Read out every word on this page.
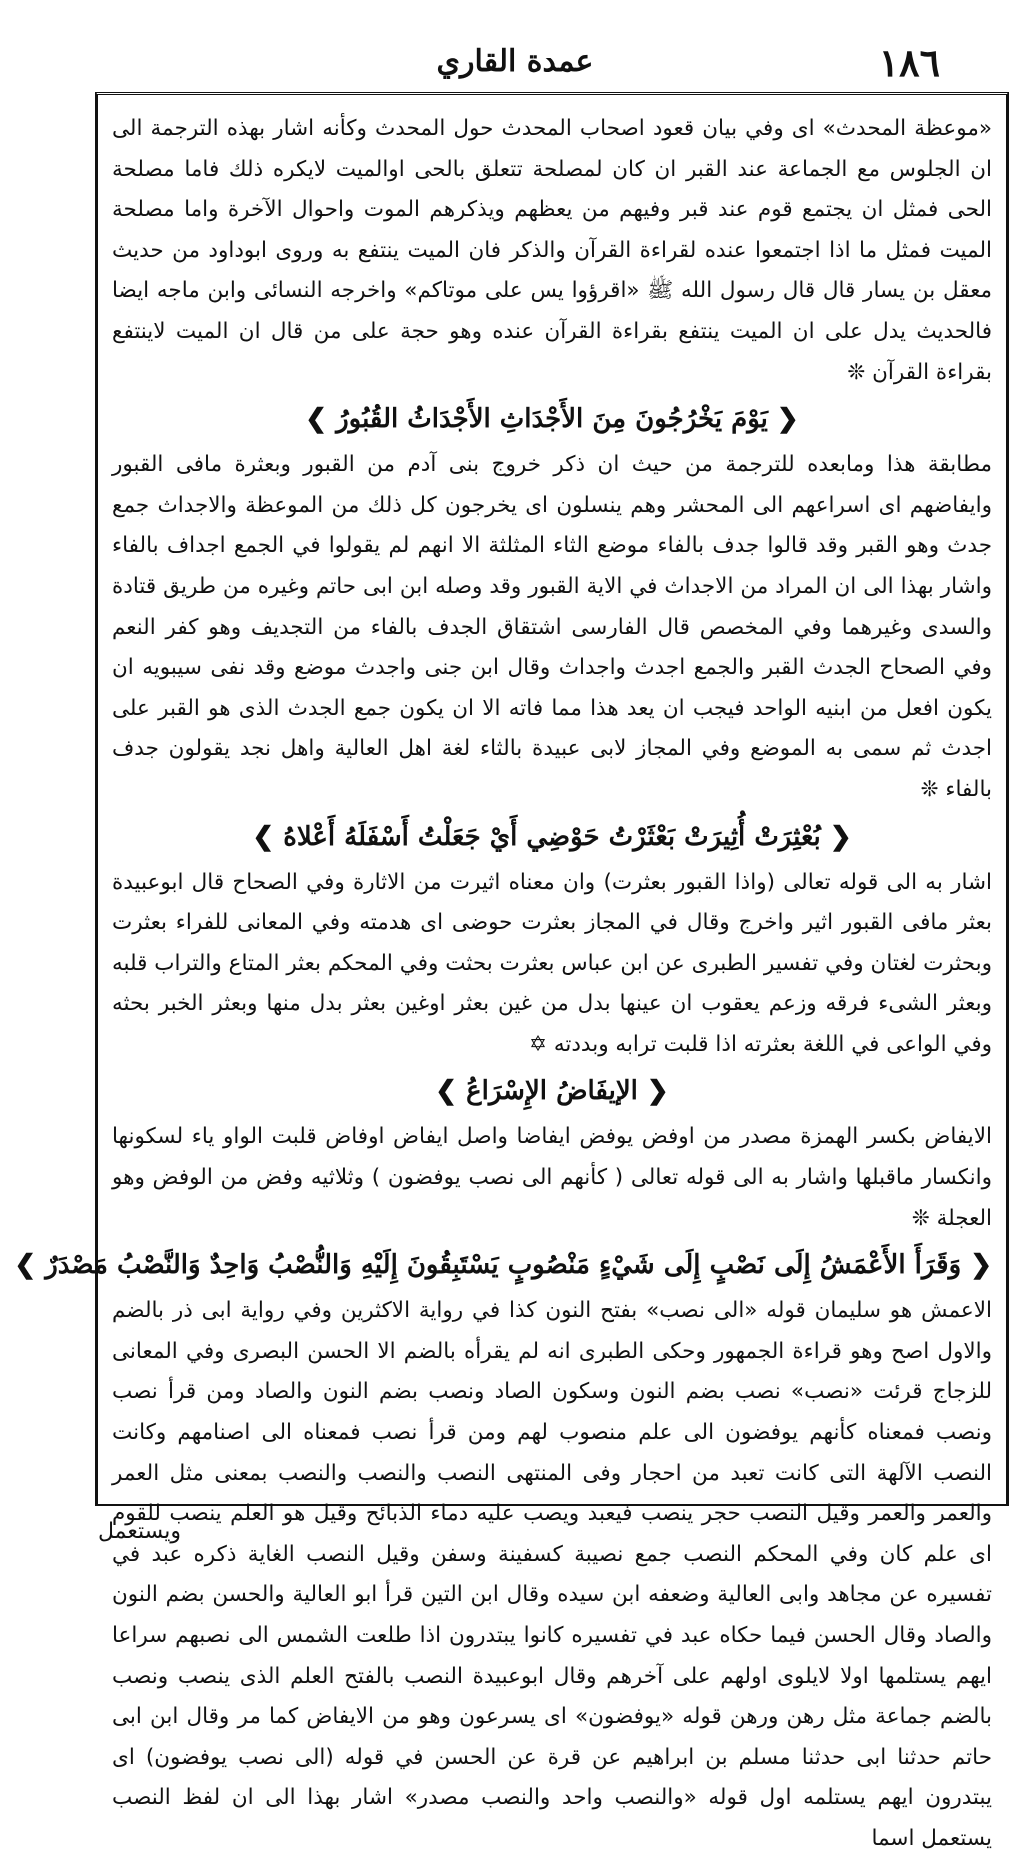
عمدة القاري	١٨٦

«موعظة المحدث» اى وفي بيان قعود اصحاب المحدث حول المحدث وكأنه اشار بهذه الترجمة الى ان الجلوس مع الجماعة عند القبر ان كان لمصلحة تتعلق بالحى اوالميت لايكره ذلك فاما مصلحة الحى فمثل ان يجتمع قوم عند قبر وفيهم من يعظهم ويذكرهم الموت واحوال الآخرة واما مصلحة الميت فمثل ما اذا اجتمعوا عنده لقراءة القرآن والذكر فان الميت ينتفع به وروى ابوداود من حديث معقل بن يسار قال قال رسول الله ﷺ «اقرؤوا يس على موتاكم» واخرجه النسائى وابن ماجه ايضا فالحديث يدل على ان الميت ينتفع بقراءة القرآن عنده وهو حجة على من قال ان الميت لاينتفع بقراءة القرآن ❊

❮ يَوْمَ يَخْرُجُونَ مِنَ الأَجْدَاثِ الأَجْدَاثُ القُبُورُ ❯

مطابقة هذا ومابعده للترجمة من حيث ان ذكر خروج بنى آدم من القبور وبعثرة مافى القبور وايفاضهم اى اسراعهم الى المحشر وهم ينسلون اى يخرجون كل ذلك من الموعظة والاجداث جمع جدث وهو القبر وقد قالوا جدف بالفاء موضع الثاء المثلثة الا انهم لم يقولوا في الجمع اجداف بالفاء واشار بهذا الى ان المراد من الاجداث في الاية القبور وقد وصله ابن ابى حاتم وغيره من طريق قتادة والسدى وغيرهما وفي المخصص قال الفارسى اشتقاق الجدف بالفاء من التجديف وهو كفر النعم وفي الصحاح الجدث القبر والجمع اجدث واجداث وقال ابن جنى واجدث موضع وقد نفى سيبويه ان يكون افعل من ابنيه الواحد فيجب ان يعد هذا مما فاته الا ان يكون جمع الجدث الذى هو القبر على اجدث ثم سمى به الموضع وفي المجاز لابى عبيدة بالثاء لغة اهل العالية واهل نجد يقولون جدف بالفاء ❊

❮ بُعْثِرَتْ أُثِيرَتْ بَعْثَرْتُ حَوْضِي أَيْ جَعَلْتُ أَسْفَلَهُ أَعْلاهُ ❯

اشار به الى قوله تعالى (واذا القبور بعثرت) وان معناه اثيرت من الاثارة وفي الصحاح قال ابوعبيدة بعثر مافى القبور اثير واخرج وقال في المجاز بعثرت حوضى اى هدمته وفي المعانى للفراء بعثرت وبحثرت لغتان وفي تفسير الطبرى عن ابن عباس بعثرت بحثت وفي المحكم بعثر المتاع والتراب قلبه وبعثر الشىء فرقه وزعم يعقوب ان عينها بدل من غين بعثر اوغين بعثر بدل منها وبعثر الخبر بحثه وفي الواعى في اللغة بعثرته اذا قلبت ترابه وبددته ✡

❮ الإيفَاضُ الإِسْرَاعُ ❯

الايفاض بكسر الهمزة مصدر من اوفض يوفض ايفاضا واصل ايفاض اوفاض قلبت الواو ياء لسكونها وانكسار ماقبلها واشار به الى قوله تعالى ( كأنهم الى نصب يوفضون ) وثلاثيه وفض من الوفض وهو العجلة ❊

❮ وَقَرَأَ الأَعْمَشُ إِلَى نَصْبٍ إِلَى شَيْءٍ مَنْصُوبٍ يَسْتَبِقُونَ إِلَيْهِ وَالنُّصْبُ وَاحِدٌ وَالنَّصْبُ مَصْدَرٌ ❯

الاعمش هو سليمان قوله «الى نصب» بفتح النون كذا في رواية الاكثرين وفي رواية ابى ذر بالضم والاول اصح وهو قراءة الجمهور وحكى الطبرى انه لم يقرأه بالضم الا الحسن البصرى وفي المعانى للزجاج قرئت «نصب» نصب بضم النون وسكون الصاد ونصب بضم النون والصاد ومن قرأ نصب ونصب فمعناه كأنهم يوفضون الى علم منصوب لهم ومن قرأ نصب فمعناه الى اصنامهم وكانت النصب الآلهة التى كانت تعبد من احجار وفى المنتهى النصب والنصب والنصب بمعنى مثل العمر والعمر والعمر وقيل النصب حجر ينصب فيعبد ويصب عليه دماء الذبائح وقيل هو العلم ينصب للقوم اى علم كان وفي المحكم النصب جمع نصيبة كسفينة وسفن وقيل النصب الغاية ذكره عبد في تفسيره عن مجاهد وابى العالية وضعفه ابن سيده وقال ابن التين قرأ ابو العالية والحسن بضم النون والصاد وقال الحسن فيما حكاه عبد في تفسيره كانوا يبتدرون اذا طلعت الشمس الى نصبهم سراعا ايهم يستلمها اولا لايلوى اولهم على آخرهم وقال ابوعبيدة النصب بالفتح العلم الذى ينصب ونصب بالضم جماعة مثل رهن ورهن قوله «يوفضون» اى يسرعون وهو من الايفاض كما مر وقال ابن ابى حاتم حدثنا ابى حدثنا مسلم بن ابراهيم عن قرة عن الحسن في قوله (الى نصب يوفضون) اى يبتدرون ايهم يستلمه اول قوله «والنصب واحد والنصب مصدر» اشار بهذا الى ان لفظ النصب يستعمل اسما

ويستعمل
